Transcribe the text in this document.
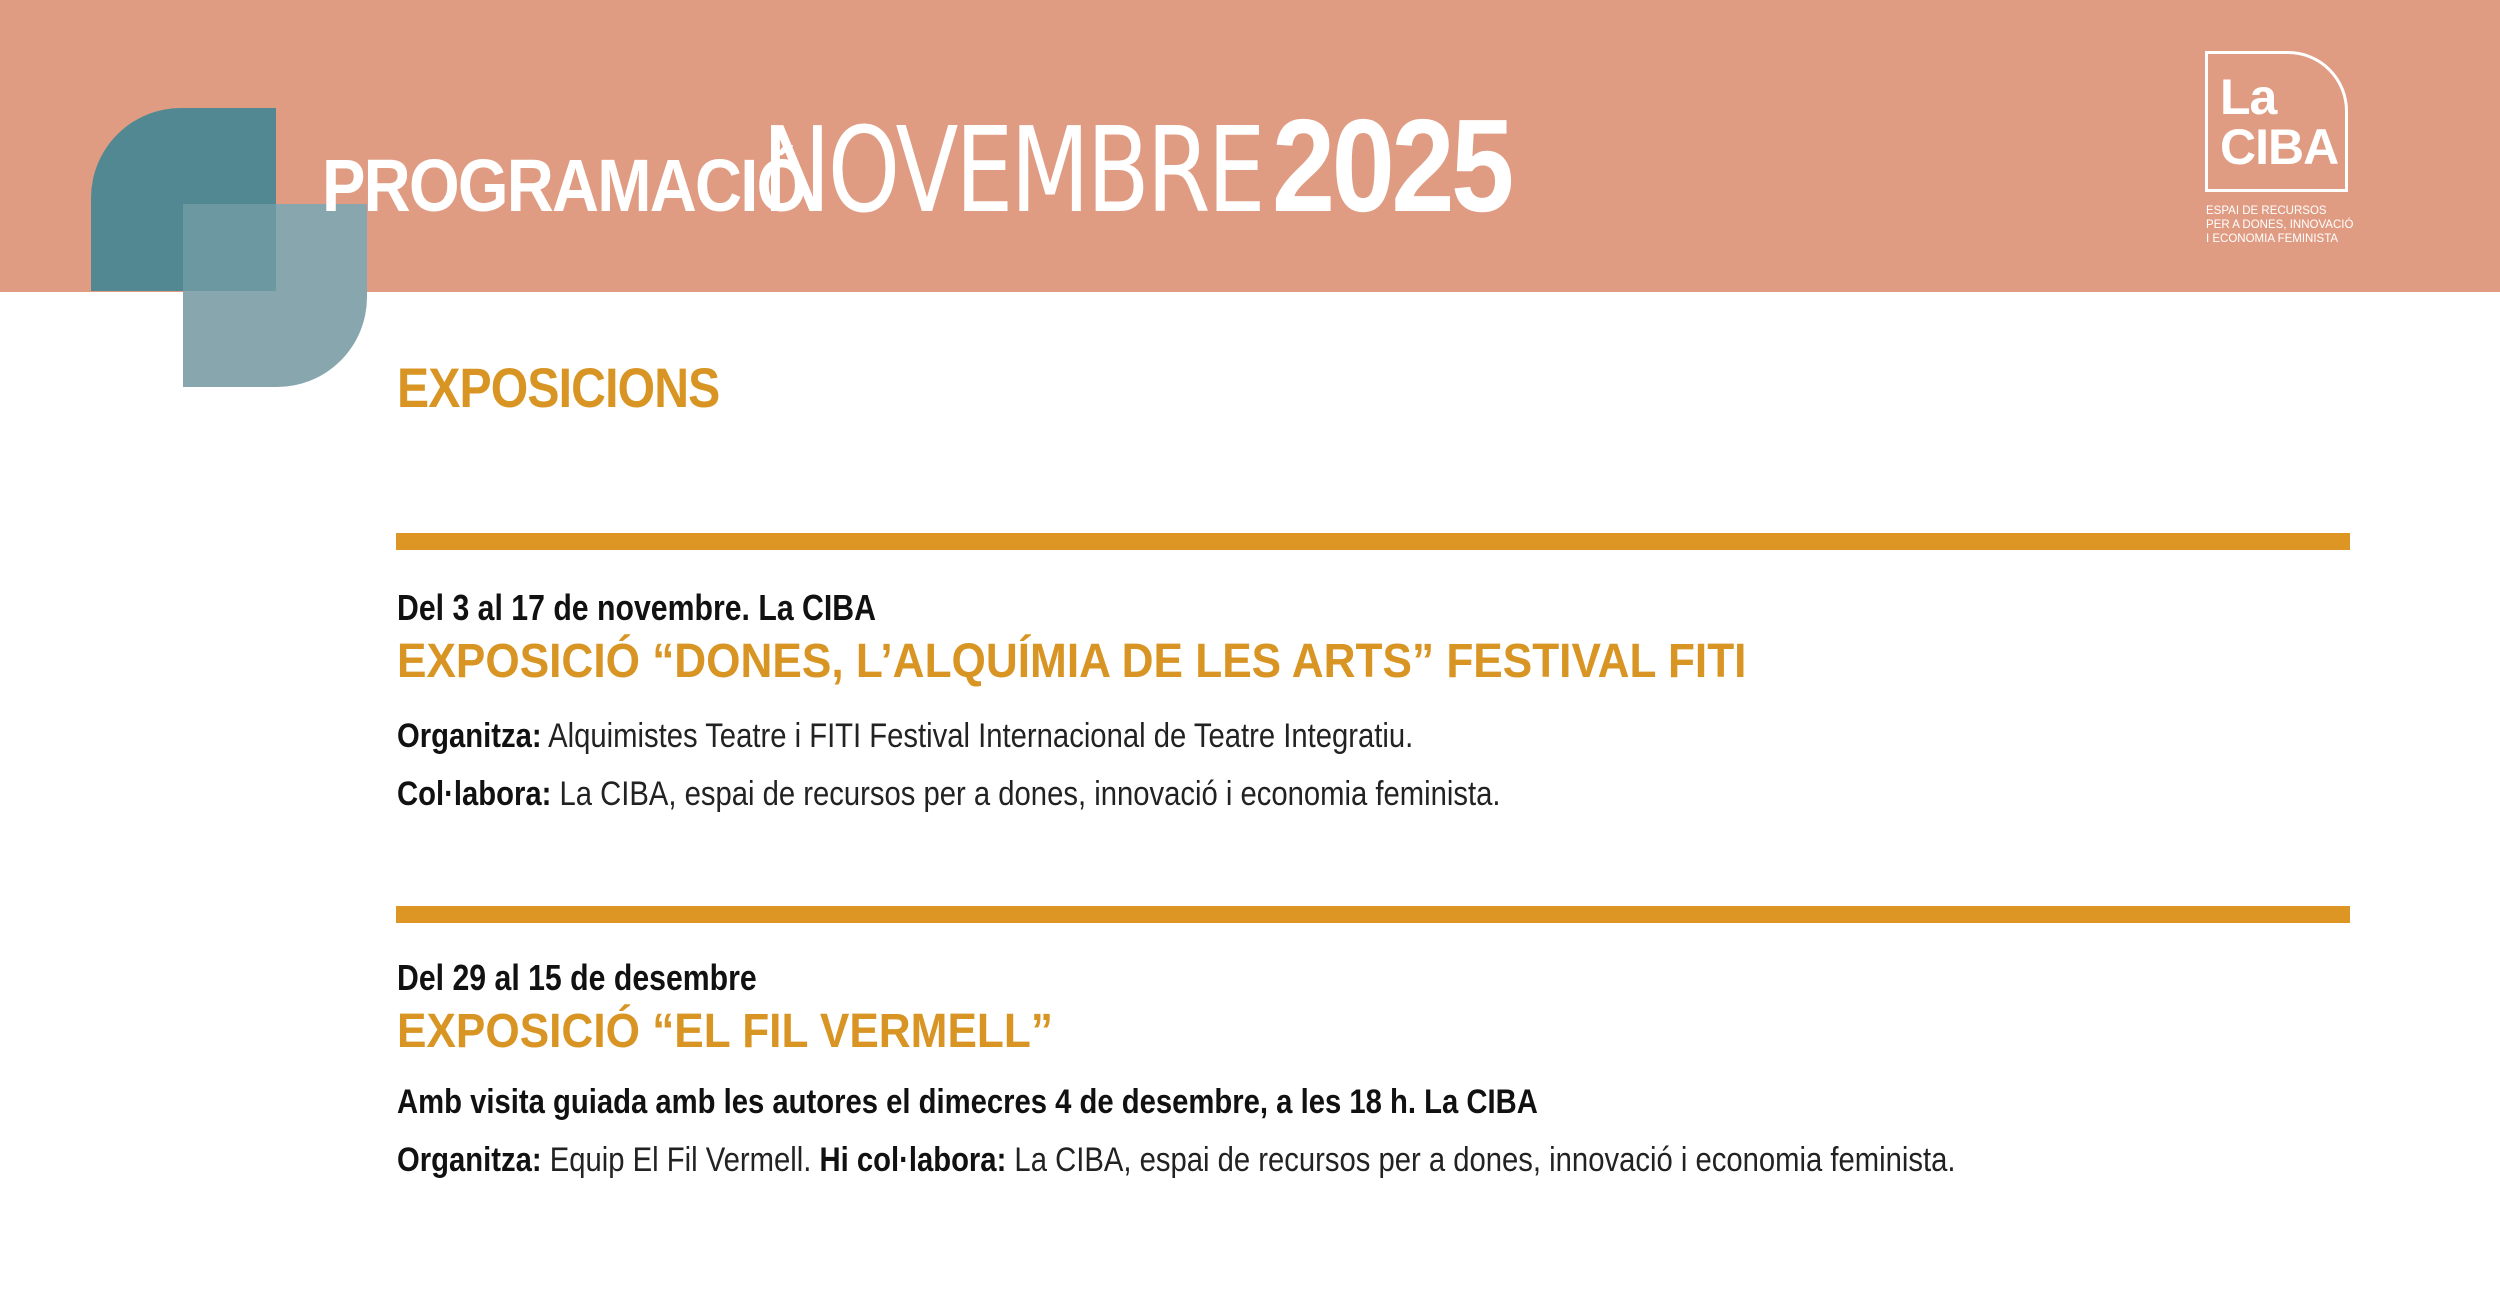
PROGRAMACIÓ
NOVEMBRE 2025	La
CIBA
ESPAI DE RECURSOS
PER A DONES, INNOVACIÓ
I ECONOMIA FEMINISTA
EXPOSICIONS
Del 3 al 17 de novembre. La CIBA
EXPOSICIÓ “DONES, L’ALQUÍMIA DE LES ARTS” FESTIVAL FITI
Organitza: Alquimistes Teatre i FITI Festival Internacional de Teatre Integratiu.
Col·labora: La CIBA, espai de recursos per a dones, innovació i economia feminista.
Del 29 al 15 de desembre
EXPOSICIÓ “EL FIL VERMELL”
Amb visita guiada amb les autores el dimecres 4 de desembre, a les 18 h. La CIBA
Organitza: Equip El Fil Vermell. Hi col·labora: La CIBA, espai de recursos per a dones, innovació i economia feminista.
